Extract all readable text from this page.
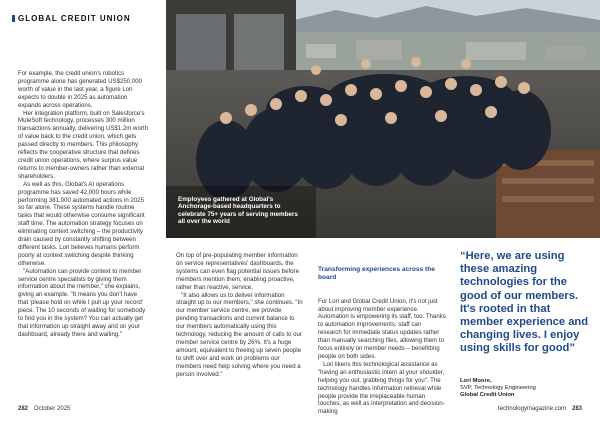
GLOBAL CREDIT UNION
For example, the credit union's robotics programme alone has generated US$250,000 worth of value in the last year, a figure Lori expects to double in 2025 as automation expands across operations.
Her integration platform, built on Salesforce's MuleSoft technology, processes 300 million transactions annually, delivering US$1.2m worth of value back to the credit union, which gets passed directly to members. This philosophy reflects the cooperative structure that defines credit union operations, where surplus value returns to member-owners rather than external shareholders.
As well as this, Global's AI operations programme has saved 42,000 hours while performing 381,000 automated actions in 2025 so far alone. These systems handle routine tasks that would otherwise consume significant staff time. The automation strategy focuses on eliminating context switching – the productivity drain caused by constantly shifting between different tasks. Lori believes humans perform poorly at context switching despite thinking otherwise.
"Automation can provide context to member service centre specialists by giving them information about the member," she explains, giving an example. "It means you don't have that 'please hold on while I pull up your record' piece. The 10 seconds of waiting for somebody to find you in the system? You can actually get that information up straight away and on your dashboard, already there and waiting."
Employees gathered at Global's Anchorage-based headquarters to celebrate 75+ years of serving members all over the world
On top of pre-populating member information on service representatives' dashboards, the systems can even flag potential issues before members mention them, enabling proactive, rather than reactive, service.
"It also allows us to deliver information straight up to our members," she continues. "In our member service centre, we provide pending transactions and current balance to our members automatically using this technology, reducing the amount of calls to our member service centre by 26%. It's a huge amount, equivalent to freeing up seven people to shift over and work on problems our members need help solving where you need a person involved."

Transforming experiences across the board

For Lori and Global Credit Union, it's not just about improving member experience. Automation is empowering its staff, too. Thanks to automation improvements, staff can research for immediate status updates rather than manually searching files, allowing them to focus entirely on member needs – benefitting people on both sides.
Lori likens this technological assistance as "having an enthusiastic intern at your shoulder, helping you out, grabbing things for you". The technology handles information retrieval while people provide the irreplaceable human touches, as well as interpretation and decision-making

“Here, we are using these amazing technologies for the good of our members. It's rooted in that member experience and changing lives. I enjoy using skills for good”
Lori Moore,
SVP, Technology Engineering
Global Credit Union
282 October 2025	technologymagazine.com 283
